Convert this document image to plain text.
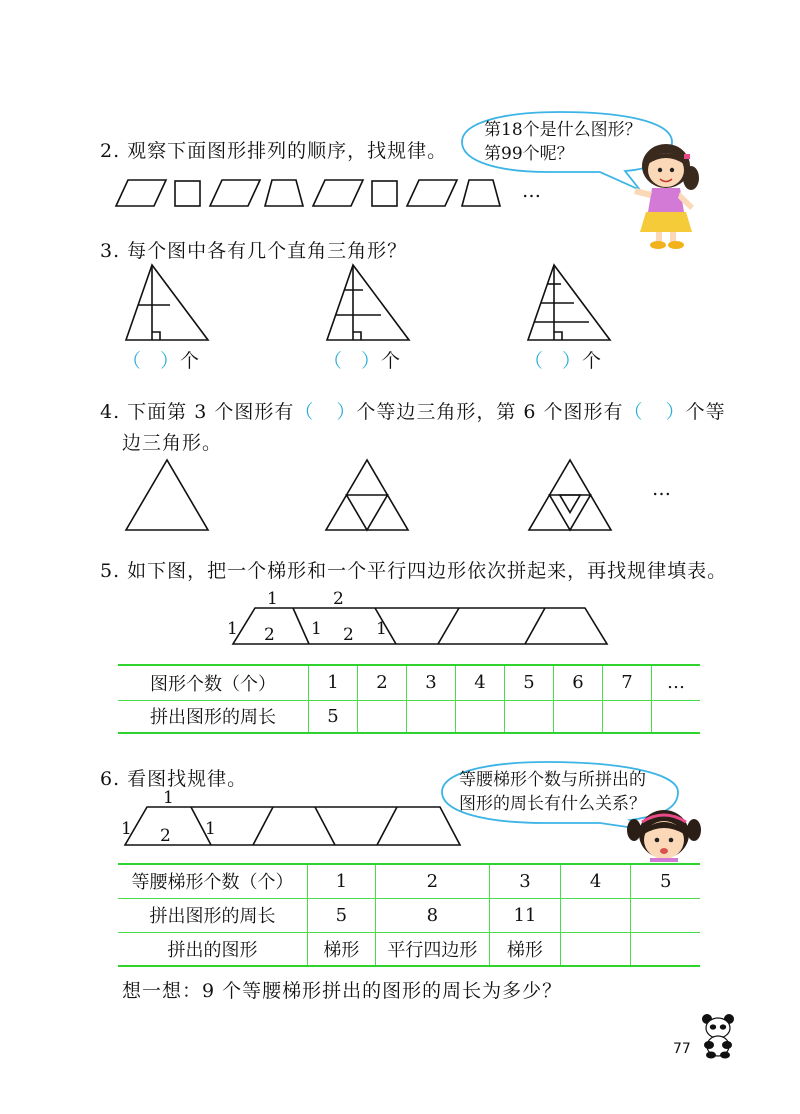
2. 观察下面图形排列的顺序，找规律。
…
第18个是什么图形？
第99个呢？
3. 每个图中各有几个直角三角形？
（ ）个	（ ）个	（ ）个
4. 下面第 3 个图形有（ ）个等边三角形，第 6 个图形有（ ）个等
边三角形。
…
5. 如下图，把一个梯形和一个平行四边形依次拼起来，再找规律填表。
1	2
1 2 1 2 1
图形个数（个）	1	2	3	4	5	6	7	…
拼出图形的周长	5							
6. 看图找规律。	等腰梯形个数与所拼出的
图形的周长有什么关系？
1
1 2 1
等腰梯形个数（个）	1	2	3	4	5
拼出图形的周长	5	8	11		
拼出的图形	梯形	平行四边形	梯形		
想一想：9 个等腰梯形拼出的图形的周长为多少？
77
